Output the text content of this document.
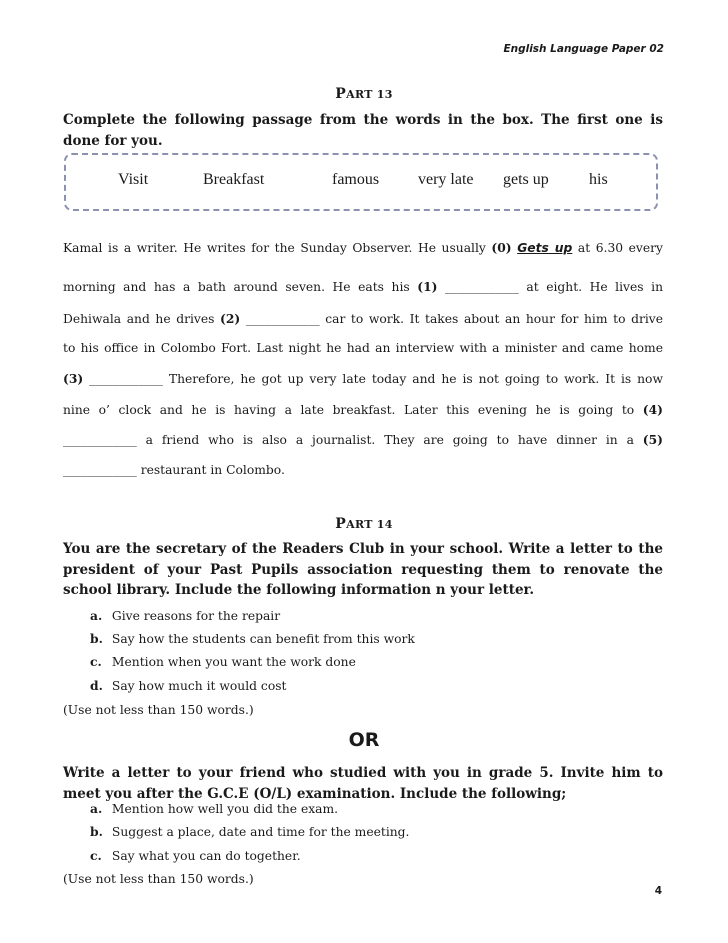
English Language Paper 02
PART 13
Complete the following passage from the words in the box. The first one is done for you.
Visit	Breakfast	famous very late gets up	his
Kamal is a writer. He writes for the Sunday Observer. He usually (0) Gets up at 6.30 every
morning and has a bath around seven. He eats his (1) ____________ at eight. He lives in
Dehiwala and he drives (2) ____________ car to work. It takes about an hour for him to drive
to his office in Colombo Fort. Last night he had an interview with a minister and came home
(3) ____________ Therefore, he got up very late today and he is not going to work. It is now
nine o’ clock and he is having a late breakfast. Later this evening he is going to (4)
____________ a friend who is also a journalist. They are going to have dinner in a (5)
____________ restaurant in Colombo.
PART 14
You are the secretary of the Readers Club in your school. Write a letter to the president of your Past Pupils association requesting them to renovate the school library. Include the following information n your letter.
a. Give reasons for the repair
b. Say how the students can benefit from this work
c. Mention when you want the work done
d. Say how much it would cost
(Use not less than 150 words.)
OR
Write a letter to your friend who studied with you in grade 5. Invite him to meet you after the G.C.E (O/L) examination. Include the following;
a. Mention how well you did the exam.
b. Suggest a place, date and time for the meeting.
c. Say what you can do together.
(Use not less than 150 words.)
4
